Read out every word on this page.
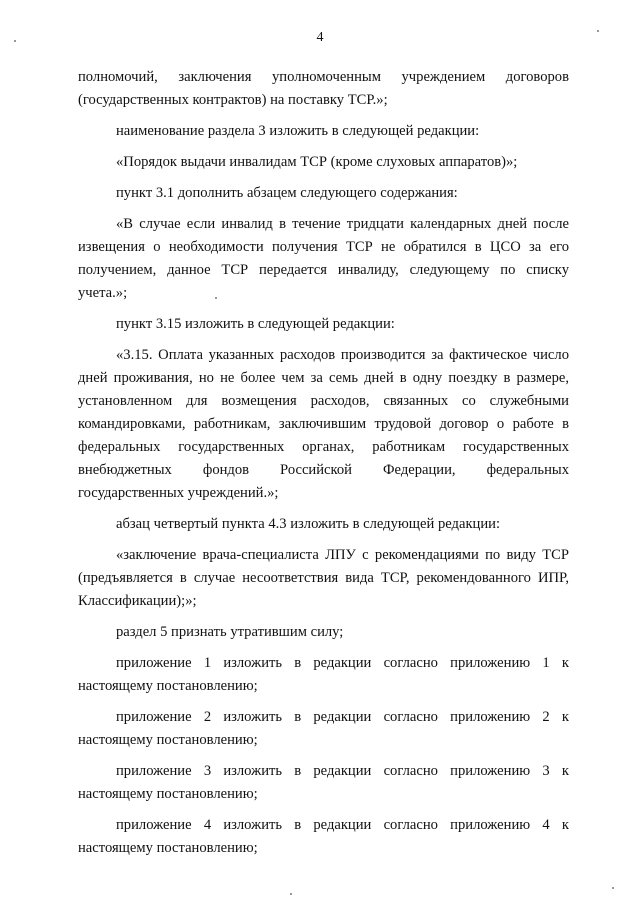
4

полномочий, заключения уполномоченным учреждением договоров (государственных контрактов) на поставку ТСР.»;

наименование раздела 3 изложить в следующей редакции:

«Порядок выдачи инвалидам ТСР (кроме слуховых аппаратов)»;

пункт 3.1 дополнить абзацем следующего содержания:

«В случае если инвалид в течение тридцати календарных дней после извещения о необходимости получения ТСР не обратился в ЦСО за его получением, данное ТСР передается инвалиду, следующему по списку учета.»;

пункт 3.15 изложить в следующей редакции:

«3.15. Оплата указанных расходов производится за фактическое число дней проживания, но не более чем за семь дней в одну поездку в размере, установленном для возмещения расходов, связанных со служебными командировками, работникам, заключившим трудовой договор о работе в федеральных государственных органах, работникам государственных внебюджетных фондов Российской Федерации, федеральных государственных учреждений.»;

абзац четвертый пункта 4.3 изложить в следующей редакции:

«заключение врача-специалиста ЛПУ с рекомендациями по виду ТСР (предъявляется в случае несоответствия вида ТСР, рекомендованного ИПР, Классификации);»;

раздел 5 признать утратившим силу;

приложение 1 изложить в редакции согласно приложению 1 к настоящему постановлению;

приложение 2 изложить в редакции согласно приложению 2 к настоящему постановлению;

приложение 3 изложить в редакции согласно приложению 3 к настоящему постановлению;

приложение 4 изложить в редакции согласно приложению 4 к настоящему постановлению;
